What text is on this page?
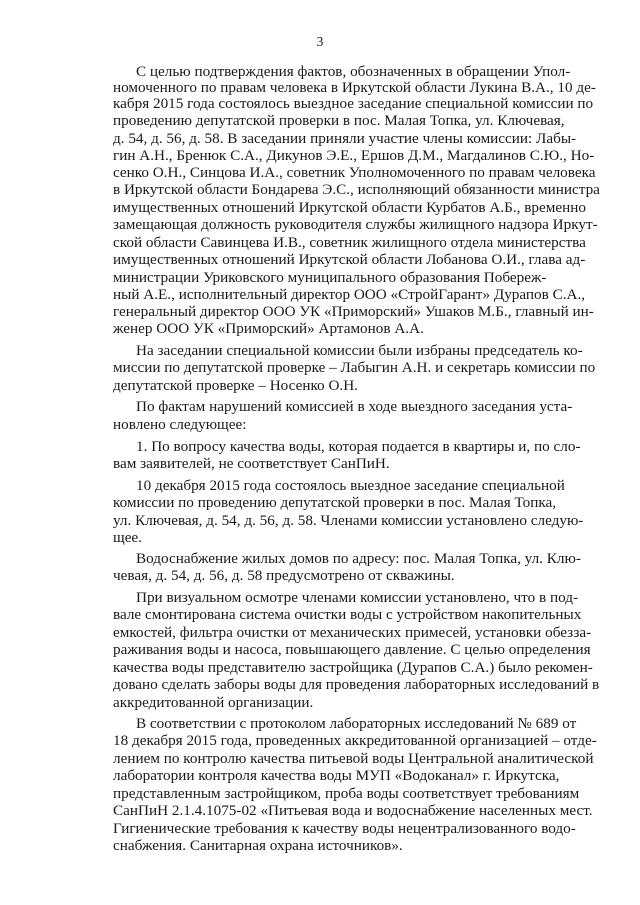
3
С целью подтверждения фактов, обозначенных в обращении Упол-
номоченного по правам человека в Иркутской области Лукина В.А., 10 де-
кабря 2015 года состоялось выездное заседание специальной комиссии по
проведению депутатской проверки в пос. Малая Топка, ул. Ключевая,
д. 54, д. 56, д. 58. В заседании приняли участие члены комиссии: Лабы-
гин А.Н., Бренюк С.А., Дикунов Э.Е., Ершов Д.М., Магдалинов С.Ю., Но-
сенко О.Н., Синцова И.А., советник Уполномоченного по правам человека
в Иркутской области Бондарева Э.С., исполняющий обязанности министра
имущественных отношений Иркутской области Курбатов А.Б., временно
замещающая должность руководителя службы жилищного надзора Иркут-
ской области Савинцева И.В., советник жилищного отдела министерства
имущественных отношений Иркутской области Лобанова О.И., глава ад-
министрации Уриковского муниципального образования Побереж-
ный А.Е., исполнительный директор ООО «СтройГарант» Дурапов С.А.,
генеральный директор ООО УК «Приморский» Ушаков М.Б., главный ин-
женер ООО УК «Приморский» Артамонов А.А.
На заседании специальной комиссии были избраны председатель ко-
миссии по депутатской проверке – Лабыгин А.Н. и секретарь комиссии по
депутатской проверке – Носенко О.Н.
По фактам нарушений комиссией в ходе выездного заседания уста-
новлено следующее:
1. По вопросу качества воды, которая подается в квартиры и, по сло-
вам заявителей, не соответствует СанПиН.
10 декабря 2015 года состоялось выездное заседание специальной
комиссии по проведению депутатской проверки в пос. Малая Топка,
ул. Ключевая, д. 54, д. 56, д. 58. Членами комиссии установлено следую-
щее.
Водоснабжение жилых домов по адресу: пос. Малая Топка, ул. Клю-
чевая, д. 54, д. 56, д. 58 предусмотрено от скважины.
При визуальном осмотре членами комиссии установлено, что в под-
вале смонтирована система очистки воды с устройством накопительных
емкостей, фильтра очистки от механических примесей, установки обезза-
раживания воды и насоса, повышающего давление. С целью определения
качества воды представителю застройщика (Дурапов С.А.) было рекомен-
довано сделать заборы воды для проведения лабораторных исследований в
аккредитованной организации.
В соответствии с протоколом лабораторных исследований № 689 от
18 декабря 2015 года, проведенных аккредитованной организацией – отде-
лением по контролю качества питьевой воды Центральной аналитической
лаборатории контроля качества воды МУП «Водоканал» г. Иркутска,
представленным застройщиком, проба воды соответствует требованиям
СанПиН 2.1.4.1075-02 «Питьевая вода и водоснабжение населенных мест.
Гигиенические требования к качеству воды нецентрализованного водо-
снабжения. Санитарная охрана источников».
